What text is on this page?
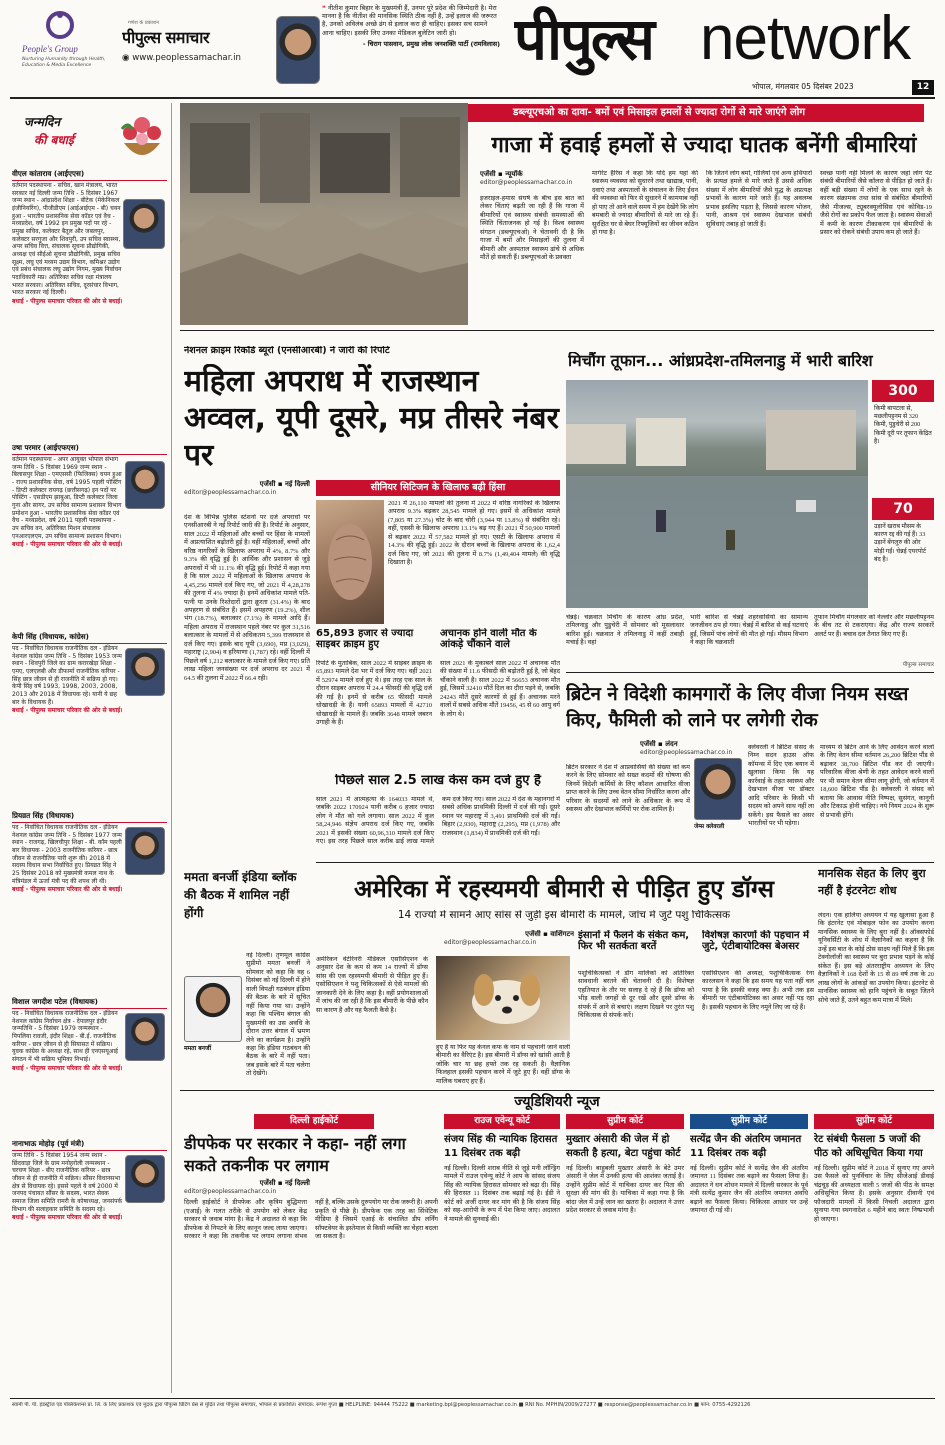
People's Group
Nurturing Humanity through Health, Education & Media Excellence
गणेश के प्रकाशन
पीपुल्स समाचार
◉ www.peoplessamachar.in
❝ नीतीश कुमार बिहार के मुख्यमंत्री हैं, उनपर पूरे प्रदेश की जिम्मेदारी है। मेरा मानना है कि नीतीश की मानसिक स्थिति ठीक नहीं है, उन्हें इलाज की जरूरत है, उनको अविलंब अच्छे ढंग से इलाज करा ही चाहिए। इसका सच सामने आना चाहिए। इसकी लिए उनका मेडिकल बुलेटिन जारी हो।
- चिराग पासवान, प्रमुख लोक जनशक्ति पार्टी (रामविलास) पीपुल्स network
भोपाल, मंगलवार 05 दिसंबर 2023	12
जन्मदिन
की बधाई
वीएल कांताराव (आईएएस)
वर्तमान पदस्थापना - सचिव, खान मंत्रालय, भारत सरकार नई दिल्ली जन्म तिथि - 5 दिसंबर 1967 जन्म स्थान - आंध्रप्रदेश शिक्षा - बीटेक (मेकेनिकल इंजीनियरिंग), पीजीडीएम (आईआईएम - बी) चयन हुआ - भारतीय प्रशासनिक सेवा कॉडर एवं वैच - मध्यप्रदेश, वर्ष 1992 इन प्रमुख पदों पर रहे - प्रमुख सचिव, कलेक्टर बैतूल और जबलपुर, कलेक्टर सरगुजा और शिवपुरी, उप सचिव स्वास्थ्य, अपर सचिव वित्त, संचालक सूचना प्रौद्योगिकी, अध्यक्ष एवं सीईओ सूचना प्रौद्योगिकी, प्रमुख सचिव सूक्ष्म, लघु एवं मध्यम उद्यम विभाग, कमिश्नर उद्योग एवं प्रबंध संचालक लघु उद्योग निगम, मुख्य निर्वाचन पदाधिकारी मप्र। अतिरिक्त सचिव रक्षा मंत्रालय भारत सरकार। अतिरिक्त सचिव, दूरसंचार विभाग, भारत सरकार नई दिल्ली।
बधाई - पीपुल्स समाचार परिवार की ओर से बधाई।
उषा परमार (आईएफएस)
वर्तमान पदस्थापना - अपर आयुक्त भोपाल संभाग जन्म तिथि - 5 दिसंबर 1969 जन्म स्थान - बिलासपुर शिक्षा - एमएससी (फिजिक्स) चयन हुआ - राज्य प्रशासनिक सेवा, वर्ष 1995 पहली पोस्टिंग - डिप्टी कलेक्टर रायगढ़ (छत्तीसगढ़) इन पदों पर पोस्टिंग - एसडीएम झाबुआ, डिप्टी कलेक्टर जिला गुना और सागर, उप सचिव सामान्य प्रशासन विभाग प्रमोशन हुआ - भारतीय प्रशासनिक सेवा कॉडर एवं वैच - मध्यप्रदेश, वर्ष 2011 पहली पदस्थापना - उप सचिव वन, अतिरिक्त मिशन संचालक एनआरएलएम, उप सचिव सामान्य प्रशासन विभाग।
बधाई - पीपुल्स समाचार परिवार की ओर से बधाई।
केपी सिंह (विधायक, कांग्रेस)
पद - निर्वाचित विधायक राजनीतिक दल - इंडियन नेशनल कांग्रेस जन्म तिथि - 5 दिसंबर 1953 जन्म स्थान - शिवपुरी जिले का ग्राम करारखेड़ा शिक्षा - एमए, एलएलबी और डीफार्मा राजनीतिक करियर - सिंह छात्र जीवन से ही राजनीति में सक्रिय हो गए। केपी सिंह वर्ष 1993, 1998, 2003, 2008, 2013 और 2018 में विधायक रहे। यानी ये छह बार के विधायक हैं।
बधाई - पीपुल्स समाचार परिवार की ओर से बधाई।
प्रियव्रत सिंह (विधायक)
पद - निर्वाचित विधायक राजनीतिक दल - इंडियन नेशनल कांग्रेस जन्म तिथि - 5 दिसंबर 1977 जन्म स्थान - राजगढ़, खिलचीपुर शिक्षा - बी. कॉम पहली बार विधायक - 2003 राजनीतिक करियर - छात्र जीवन से राजनीतिक पारी शुरू की। 2018 में सदस्य विधान सभा निर्वाचित हुए। प्रियव्रत सिंह ने 25 दिसंबर 2018 को मुख्यमंत्री कमल नाथ के मंत्रिमंडल में ऊर्जा मंत्री पद की शपथ ली थी।
बधाई - पीपुल्स समाचार परिवार की ओर से बधाई।
विशाल जगदीश पटेल (विधायक)
पद - निर्वाचित विधायक राजनीतिक दल - इंडियन नेशनल कांग्रेस निर्वाचन क्षेत्र - देपालपुर इंदौर जन्मतिथि - 5 दिसंबर 1979 जन्मस्थान - पिपलिया रावजी, इंदौर शिक्षा - बी.ई. राजनीतिक करियर - छात्र जीवन से ही सियासत में सक्रिय। युवक कांग्रेस के अध्यक्ष रहे, साथ ही एनएसयूआई संगठन में भी सक्रिय भूमिका निभाई।
बधाई - पीपुल्स समाचार परिवार की ओर से बधाई।
नानाभाऊ मोहोड़ (पूर्व मंत्री)
जन्म तिथि - 5 दिसंबर 1954 जन्म स्थान - छिंदवाड़ा जिले के ग्राम मनोहरोली जन्मस्थान - चरचण शिक्षा - बीए राजनीतिक करियर - छात्र जीवन से ही राजनीति में सक्रिय। सौंसर विधानसभा क्षेत्र से विधायक रहे। इससे पहले ये वर्ष 2000 में जनपद पंचायत सौंसर के सदस्य, भारत सेवक समाज जिला समिति रामरी के कोषाध्यक्ष, जनसंपर्क विभाग की सलाहकार समिति के सदस्य रहे।
बधाई - पीपुल्स समाचार परिवार की ओर से बधाई।
डब्ल्यूएचओ का दावा- बमों एवं मिसाइल हमलों से ज्यादा रोगों से मारे जाएंगे लोग
गाजा में हवाई हमलों से ज्यादा घातक बनेंगी बीमारियां
एजेंसी ▪ न्यूयॉर्क
editor@peoplessamachar.co.in
इजराइल-हमास संघर्ष के बीच इस बात को लेकर चिंताएं बढ़ती जा रही हैं कि गाजा में बीमारियों एवं स्वास्थ्य संबंधी समस्याओं की स्थिति चिंताजनक हो गई है। विश्व स्वास्थ्य संगठन (डब्ल्यूएचओ) ने चेतावनी दी है कि गाजा में बमों और मिसाइलों की तुलना में बीमारी और अस्पताल स्वास्थ्य ढांचे से अधिक मौतें हो सकती हैं। डब्ल्यूएचओ के प्रवक्ता
मार्गरेट हैरिस ने कहा कि यदि हम यहां की स्वास्थ्य व्यवस्था को सुधारने तथा खाद्यान्न, पानी, दवाएं तथा अस्पतालों के संचालन के लिए ईंधन की व्यवस्था को फिर से सुधारने में कामयाब नहीं हो पाए तो आने वाले समय में हम देखेंगे कि लोग बमबारी से ज्यादा बीमारियों से मारे जा रहे हैं। सुरक्षित घर से बेघर रिफ्यूजियों का जीवन कठिन हो गया है।
कि जितने लोग बमों, गोलियों एवं अन्य हथियारों के प्रत्यक्ष हमले से मारे जाते हैं उससे अधिक संख्या में लोग बीमारियों जैसे युद्ध के अप्रत्यक्ष प्रभावों के कारण मारे जाते हैं। यह अवलम्ब प्रभाव इसलिए पड़ता है, जिससे कारण भोजन, पानी, आश्रय एवं स्वास्थ्य देखभाल संबंधी सुविधाएं तबाह हो जाती हैं।
स्वच्छ पानी नहीं मिलने के कारण जहां लोग पेट संबंधी बीमारियों जैसे कॉलरा से पीड़ित हो जाते हैं। वहीं बड़ी संख्या में लोगों के एक साथ रहने के कारण संक्रामक तथा सांस से संबंधित बीमारियों जैसे मीजल्स, ट्यूबरक्यूलोसिस एवं कोविड-19 जैसे रोगों का प्रकोप फैल जाता है। स्वास्थ्य सेवाओं में कमी के कारण टीकाकरण एवं बीमारियों के प्रसार को रोकने संबंधी उपाय कम हो जाते हैं।
नेशनल क्राइम रिकॉर्ड ब्यूरो (एनसीआरबी) ने जारी की रिपोर्ट
महिला अपराध में राजस्थान अव्वल, यूपी दूसरे, मप्र तीसरे नंबर पर
एजेंसी ▪ नई दिल्ली
editor@peoplessamachar.co.in	सीनियर सिटिजन के खिलाफ बढ़ी हिंसा
देश के विभिन्न पुलिस स्टेशनों पर दर्ज अपराधों पर एनसीआरबी ने नई रिपोर्ट जारी की है। रिपोर्ट के अनुसार, साल 2022 में महिलाओं और बच्चों पर हिंसा के मामलों में अप्रत्याशित बढ़ोतरी हुई है। वहीं महिलाओं, बच्चों और वरिष्ठ नागरिकों के खिलाफ अपराध में 4%, 8.7% और 9.3% की वृद्धि हुई है। आर्थिक और प्रशासन से जुड़े अपराधों में भी 11.1% की वृद्धि हुई। रिपोर्ट में कहा गया है कि साल 2022 में महिलाओं के खिलाफ अपराध के 4,45,256 मामले दर्ज किए गए, जो 2021 में 4,28,278 की तुलना में 4% ज्यादा है। इनमें अधिकांश मामले पति-पत्नी या उनके रिश्तेदारों द्वारा क्रूरता (31.4%) के बाद अपहरण से संबंधित हैं। इसमें अपहरण (19.2%), शील भंग (18.7%), बलात्कार (7.1%) के मामले आदि हैं। महिला अपराध में राजस्थान पहले नंबर पर कुल 31,516 बलात्कार के मामलों में से अधिकतम 5,399 राजस्थान से दर्ज किए गए। इसके बाद यूपी (3,690), मप्र (3,029), महाराष्ट्र (2,904) व हरियाणा (1,787) रहे। वहीं दिल्ली में पिछले वर्ष 1,212 बलात्कार के मामले दर्ज किए गए। प्रति लाख महिला जनसंख्या पर दर्ज अपराध दर 2021 में 64.5 की तुलना में 2022 में 66.4 रही।
2021 में 26,110 मामलों की तुलना में 2022 में वरिष्ठ नागरिकों के खिलाफ अपराध 9.3% बढ़कर 28,545 मामले हो गए। इसमें से अधिकांश मामले (7,805 या 27.3%) चोट के बाद चोरी (3,944 या 13.8%) से संबंधित रहे। वहीं, एससी के खिलाफ अपराध 13.1% बढ़ गए हैं। 2021 में 50,900 मामलों से बढ़कर 2022 में 57,582 मामले हो गए। एसटी के खिलाफ अपराध में 14.3% की वृद्धि हुई। 2022 के दौरान बच्चों के खिलाफ अपराध के 1,62,4 दर्ज किए गए, जो 2021 की तुलना में 8.7% (1,49,404 मामले) की वृद्धि दिखाता है।
65,893 हजार से ज्यादा साइबर क्राइम हुए
रिपोर्ट के मुताबिक, साल 2022 में साइबर क्राइम के 65,893 मामले देश भर में दर्ज किए गए। वहीं 2021 में 52974 मामले दर्ज हुए थे। इस तरह एक साल के दौरान साइबर अपराध में 24.4 फीसदी की वृद्धि दर्ज की गई है। इनमें से करीब 65 फीसदी मामले धोखाधड़ी के हैं। यानी 65893 मामलों में 42710 धोखाधड़ी के मामले हैं। जबकि 3648 मामले जबरन उगाही के हैं।
अचानक होने वाली मौत के आंकड़े चौंकाने वाले
साल 2021 के मुकाबले साल 2022 में अचानक मौत की संख्या में 11.6 फीसदी की बढ़ोतरी हुई है, जो बेहद चौंकाने वाली है। साल 2022 में 56653 अचानक मौत हुई, जिसमें 32410 मौतें दिल का दौरा पड़ने से, जबकि 24243 मौतें दूसरे कारणों से हुई हैं। अचानक मरने वालों में सबसे अधिक मौतें 19456, 45 से 60 आयु वर्ग के लोग थे।
पिछले साल 2.5 लाख केस कम दर्ज हुए हैं
साल 2021 में आत्महत्या के 164033 मामले थे, जबकि 2022 170924 यानी करीब 6 हजार ज्यादा लोग ने मौत को गले लगाया। साल 2022 में कुल 58,24,946 संज्ञेय अपराध दर्ज किए गए, जबकि 2021 में इसकी संख्या 60,96,310 मामले दर्ज किए गए। इस तरह पिछले साल करीब ढाई लाख मामले कम दर्ज किए गए। साल 2022 में देश के महानगरों में सबसे अधिक प्राथमिकी दिल्ली में दर्ज की गईं। दूसरे स्थान पर महाराष्ट्र में 3,491 प्राथमिकी दर्ज की गईं। बिहार (2,930), महाराष्ट्र (2,295), मप्र (1,978) और राजस्थान (1,834) में प्राथमिकी दर्ज की गईं।
मिचौंग तूफान... आंध्रप्रदेश-तमिलनाडु में भारी बारिश
300
किमी बापटला से, मछलीपट्टनम से 320 किमी, पुडुचेरी से 200 किमी दूरी पर तूफान केंद्रित है।
70
उड़ानें खराब मौसम के कारण रद्द की गई हैं। 33 उड़ानें बेंगलुरु की ओर मोड़ी गईं। चेन्नई एयरपोर्ट बंद है।
चेन्नई। चक्रवात मिचौंग के कारण आंध्र प्रदेश, तमिलनाडु और पुडुचेरी में सोमवार को मूसलाधार बारिश हुई। चक्रवात ने तमिलनाडु में कहीं तबाही मचाई है। वहां
भारी बारिश से चेन्नई शहरवासियों का सामान्य जनजीवन ठप हो गया। चेन्नई में बारिश से कई घटनाएं हुईं, जिसमें पांच लोगों की मौत हो गई। मौसम विभाग ने कहा कि चक्रवाती
तूफान मिचौंग मंगलवार को नेल्लोर और मछलीपट्टनम के बीच तट से टकराएगा। केंद्र और राज्य सरकारें अलर्ट पर हैं। बचाव दल तैनात किए गए हैं।
पीपुल्स समाचार
ब्रिटेन ने विदेशी कामगारों के लिए वीजा नियम सख्त किए, फैमिली को लाने पर लगेगी रोक
एजेंसी ▪ लंदन
editor@peoplessamachar.co.in
ब्रिटेन सरकार ने देश में आप्रवासियों की संख्या को कम करने के लिए सोमवार को सख्त कदमों की घोषणा की जिनमें विदेशी कर्मियों के लिए कौशल आधारित वीजा प्राप्त करने के लिए उच्च वेतन सीमा निर्धारित करना और परिवार के सदस्यों को लाने के अधिकार के रूप में स्वास्थ्य और देखभाल कर्मियों पर रोक शामिल है।
जेम्स क्लेवरली
क्लेवरली ने ब्रिटिश संसद के निम्न सदन हाउस ऑफ कॉमन्स में दिए एक बयान में खुलासा किया कि यह कार्रवाई के तहत स्वास्थ्य और देखभाल वीजा पर डॉक्टर आदि परिवार के किसी भी सदस्य को अपने साथ नहीं ला सकेंगे। इस फैसले का असर भारतीयों पर भी पड़ेगा।
माध्यम से ब्रिटेन आने के लिए आवेदन करने वालों के लिए वेतन सीमा वर्तमान 26,200 ब्रिटिश पौंड से बढ़ाकर 38,700 ब्रिटिश पौंड कर दी जाएगी। परिवारिक वीजा श्रेणी के तहत आवेदन करने वालों पर भी समान वेतन सीमा लागू होगी, जो वर्तमान में 18,600 ब्रिटिश पौंड है। क्लेवरली ने संसद को बताया कि आवास नीति निष्पक्ष, सुसंगत, कानूनी और टिकाऊ होनी चाहिए। नये नियम 2024 के शुरू से प्रभावी होंगे।
अमेरिका में रहस्यमयी बीमारी से पीड़ित हुए डॉग्स
14 राज्यों में सामने आए सांस से जुड़ी इस बीमारी के मामले, जांच में जुटे पशु चिकित्सक
एजेंसी ▪ वाशिंगटन
editor@peoplessamachar.co.in
अमेरिकन वेटेरिनरी मेडिकल एसोसिएशन के अनुसार देश के कम से कम 14 राज्यों में डॉग्स सांस की एक रहस्यमयी बीमारी से पीड़ित हुए हैं। एसोसिएशन ने पशु चिकित्सकों से ऐसे मामलों की जानकारी देने के लिए कहा है। वहीं प्रयोगशालाओं में जांच की जा रही है कि इस बीमारी के पीछे कौन सा कारण है और यह फैलती कैसे है।
इंसानों में फैलने के संकेत कम, फिर भी सतर्कता बरतें
हुए हैं या फिर यह केनल कफ के नाम से पहचानी जाने वाली बीमारी का वैरिएंट है। इस बीमारी में डॉग्स को खांसी आती है जोकि चार या छह हफ्ते तक रह सकती है। वैज्ञानिक फिलहाल इसकी पहचान करने में जुटे हुए हैं। वहीं डॉग्स के मालिक घबराए हुए हैं।
पशुचिकित्सकों ने डॉग मालिकों को अतिरिक्त सावधानी बरतने की चेतावनी दी है। विशेषज्ञ एहतियात के तौर पर सलाह दे रहे हैं कि डॉग्स को भीड़ वाली जगहों से दूर रखें और दूसरे डॉग्स के संपर्क में आने से बचाएं। लक्षण दिखने पर तुरंत पशु चिकित्सक से संपर्क करें।
विशेषज्ञ कारणों की पहचान में जुटे, एंटीबायोटिक्स बेअसर
एसोसिएशन की अध्यक्ष, पशुचिकित्सक रेना कारलसन ने कहा कि इस समय यह पता नहीं चल पाया है कि इसकी वजह क्या है। अभी तक इस बीमारी पर एंटीबायोटिक्स का असर नहीं पड़ रहा है। इसकी पहचान के लिए नमूने लिए जा रहे हैं।
ममता बनर्जी इंडिया ब्लॉक की बैठक में शामिल नहीं होंगी
ममता बनर्जी
नई दिल्ली। तृणमूल कांग्रेस सुप्रीमो ममता बनर्जी ने सोमवार को कहा कि वह 6 दिसंबर को नई दिल्ली में होने वाली विपक्षी गठबंधन इंडिया की बैठक के बारे में सूचित नहीं किया गया था। उन्होंने कहा कि पश्चिम बंगाल की मुख्यमंत्री का उस अवधि के दौरान उत्तर बंगाल में भ्रमण लेने का कार्यक्रम है। उन्होंने कहा कि इंडिया गठबंधन की बैठक के बारे में नहीं पता। जब इसके बारे में पता चलेगा तो देखेंगे।
मानसिक सेहत के लिए बुरा नहीं है इंटरनेटः शोध
लंदन। एक हालिया अध्ययन में यह खुलासा हुआ है कि इंटरनेट एवं मोबाइल फोन का उपयोग करना मानसिक स्वास्थ्य के लिए बुरा नहीं है। ऑक्सफोर्ड यूनिवर्सिटी के शोध में वैज्ञानिकों का कहना है कि उन्हें इस बात के कोई ठोस साक्ष्य नहीं मिले हैं कि इस टेक्नोलॉजी का स्वास्थ्य पर बुरा प्रभाव पड़ने के कोई संकेत हैं। इस बड़े अंतरराष्ट्रीय अध्ययन के लिए वैज्ञानिकों ने 168 देशों के 15 से 89 वर्ष तक के 20 लाख लोगों के आंकड़ों का उपयोग किया। इंटरनेट से मानसिक स्वास्थ्य को हानि पहुंचने के सबूत जितने सोचे जाते हैं, उतने बहुत कम मात्रा में मिले।
ज्यूडिशियरी न्यूज
दिल्ली हाईकोर्ट
डीपफेक पर सरकार ने कहा- नहीं लगा सकते तकनीक पर लगाम
एजेंसी ▪ नई दिल्ली
editor@peoplessamachar.co.in
दिल्ली हाईकोर्ट ने डीपफेक और कृत्रिम बुद्धिमत्ता (एआई) के गलत तरीके से उपयोग को लेकर केंद्र सरकार से जवाब मांगा है। केंद्र ने अदालत से कहा कि डीपफेक से निपटने के लिए कानून जल्द लाया जाएगा। सरकार ने कहा कि तकनीक पर लगाम लगाना संभव नहीं है, बल्कि उसके दुरुपयोग पर रोक जरूरी है। अपनी प्रकृति से पीछे है। डीपफेक एक तरह का सिंथेटिक मीडिया है जिसमें एआई के संचालित डीप लर्निंग सॉफ्टवेयर के इस्तेमाल से किसी व्यक्ति का चेहरा बदला जा सकता है।
राउज एवेन्यू कोर्ट
संजय सिंह की न्यायिक हिरासत 11 दिसंबर तक बढ़ी
नई दिल्ली। दिल्ली शराब नीति से जुड़े मनी लॉन्ड्रिंग मामले में राउज एवेन्यू कोर्ट ने आप के सांसद संजय सिंह की न्यायिक हिरासत सोमवार को बढ़ा दी। सिंह की हिरासत 11 दिसंबर तक बढ़ाई गई है। ईडी ने कोर्ट को अर्जी दायर कर मांग की है कि संजय सिंह को सह-आरोपी के रूप में पेश किया जाए। अदालत ने मामले की सुनवाई की।
सुप्रीम कोर्ट
मुख्तार अंसारी की जेल में हो सकती है हत्या, बेटा पहुंचा कोर्ट
नई दिल्ली। बाहुबली मुख्तार अंसारी के बेटे उमर अंसारी ने जेल में उनकी हत्या की आशंका जताई है। उन्होंने सुप्रीम कोर्ट में याचिका दायर कर पिता की सुरक्षा की मांग की है। याचिका में कहा गया है कि बांदा जेल में उन्हें जान का खतरा है। अदालत ने उत्तर प्रदेश सरकार से जवाब मांगा है।
सुप्रीम कोर्ट
सत्येंद्र जैन की अंतरिम जमानत 11 दिसंबर तक बढ़ी
नई दिल्ली। सुप्रीम कोर्ट ने सत्येंद्र जैन की अंतरिम जमानत 11 दिसंबर तक बढ़ाने का फैसला लिया है। अदालत ने धन शोधन मामले में दिल्ली सरकार के पूर्व मंत्री सत्येंद्र कुमार जैन की अंतरिम जमानत अवधि बढ़ाने का फैसला किया। चिकित्सा आधार पर उन्हें जमानत दी गई थी।
सुप्रीम कोर्ट
रेट संबंधी फैसला 5 जजों की पीठ को अधिसूचित किया गया
नई दिल्ली। सुप्रीम कोर्ट ने 2018 में सुनाए गए अपने उस फैसले को पुनर्विचार के लिए सीजेआई डीवाई चंद्रचूड़ की अध्यक्षता वाली 5 जजों की पीठ के समक्ष अधिसूचित किया है। इसके अनुसार दीवानी एवं फौजदारी मामलों में किसी निचली अदालत द्वारा सुनाया गया स्थगनादेश 6 महीने बाद स्वतः निष्प्रभावी हो जाएगा।
स्वामी पी. पी. इंडस्ट्रीज एंड पब्लिकेशन्स प्रा. लि. के लिए प्रकाशक एवं मुद्रक द्वारा पीपुल्स प्रिंटिंग प्रेस से मुद्रित तथा पीपुल्स समाचार, भोपाल से प्रकाशित। संपादक: रूपेश गुप्ता ■ HELPLINE: 94444 75222 ■ marketing.bpl@peoplessamachar.co.in ■ RNI No. MPHIN/2009/27277 ■ response@peoplessamachar.co.in ■ फोन: 0755-4292126
